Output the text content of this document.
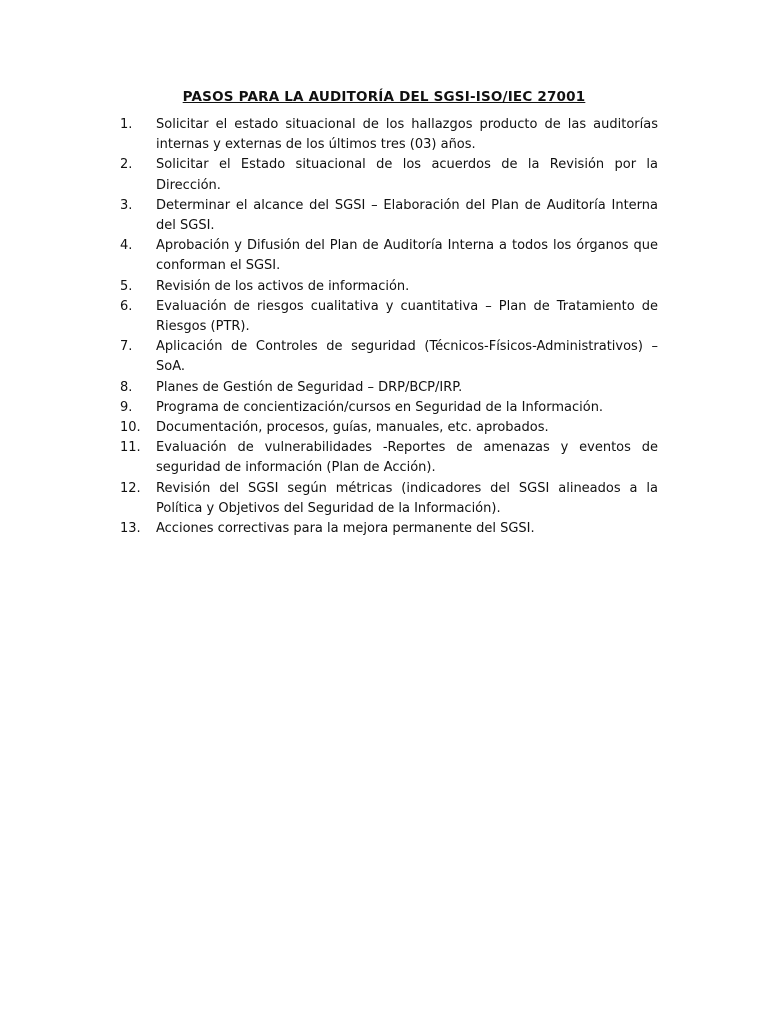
PASOS PARA LA AUDITORÍA DEL SGSI-ISO/IEC 27001
1.	Solicitar el estado situacional de los hallazgos producto de las auditorías internas y externas de los últimos tres (03) años.
2.	Solicitar el Estado situacional de los acuerdos de la Revisión por la Dirección.
3.	Determinar el alcance del SGSI – Elaboración del Plan de Auditoría Interna del SGSI.
4.	Aprobación y Difusión del Plan de Auditoría Interna a todos los órganos que conforman el SGSI.
5.	Revisión de los activos de información.
6.	Evaluación de riesgos cualitativa y cuantitativa – Plan de Tratamiento de Riesgos (PTR).
7.	Aplicación de Controles de seguridad (Técnicos-Físicos-Administrativos) – SoA.
8.	Planes de Gestión de Seguridad – DRP/BCP/IRP.
9.	Programa de concientización/cursos en Seguridad de la Información.
10.	Documentación, procesos, guías, manuales, etc. aprobados.
11.	Evaluación de vulnerabilidades -Reportes de amenazas y eventos de seguridad de información (Plan de Acción).
12.	Revisión del SGSI según métricas (indicadores del SGSI alineados a la Política y Objetivos del Seguridad de la Información).
13.	Acciones correctivas para la mejora permanente del SGSI.
